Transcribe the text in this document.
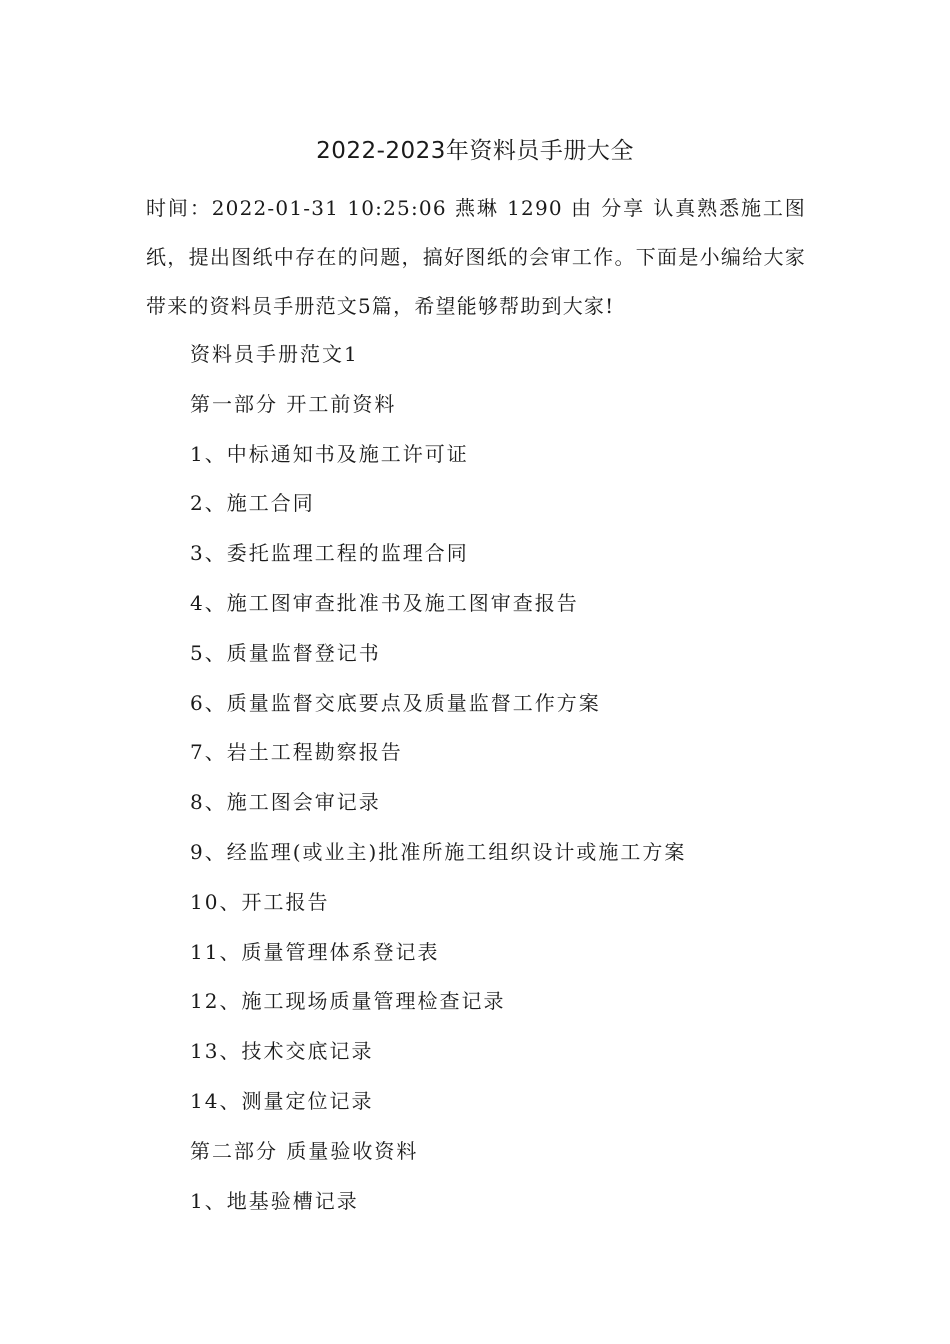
2022-2023年资料员手册大全
时间：2022-01-31 10:25:06 燕琳 1290 由 分享 认真熟悉施工图纸，提出图纸中存在的问题，搞好图纸的会审工作。下面是小编给大家带来的资料员手册范文5篇，希望能够帮助到大家!
资料员手册范文1
第一部分 开工前资料
1、中标通知书及施工许可证
2、施工合同
3、委托监理工程的监理合同
4、施工图审查批准书及施工图审查报告
5、质量监督登记书
6、质量监督交底要点及质量监督工作方案
7、岩土工程勘察报告
8、施工图会审记录
9、经监理(或业主)批准所施工组织设计或施工方案
10、开工报告
11、质量管理体系登记表
12、施工现场质量管理检查记录
13、技术交底记录
14、测量定位记录
第二部分 质量验收资料
1、地基验槽记录
